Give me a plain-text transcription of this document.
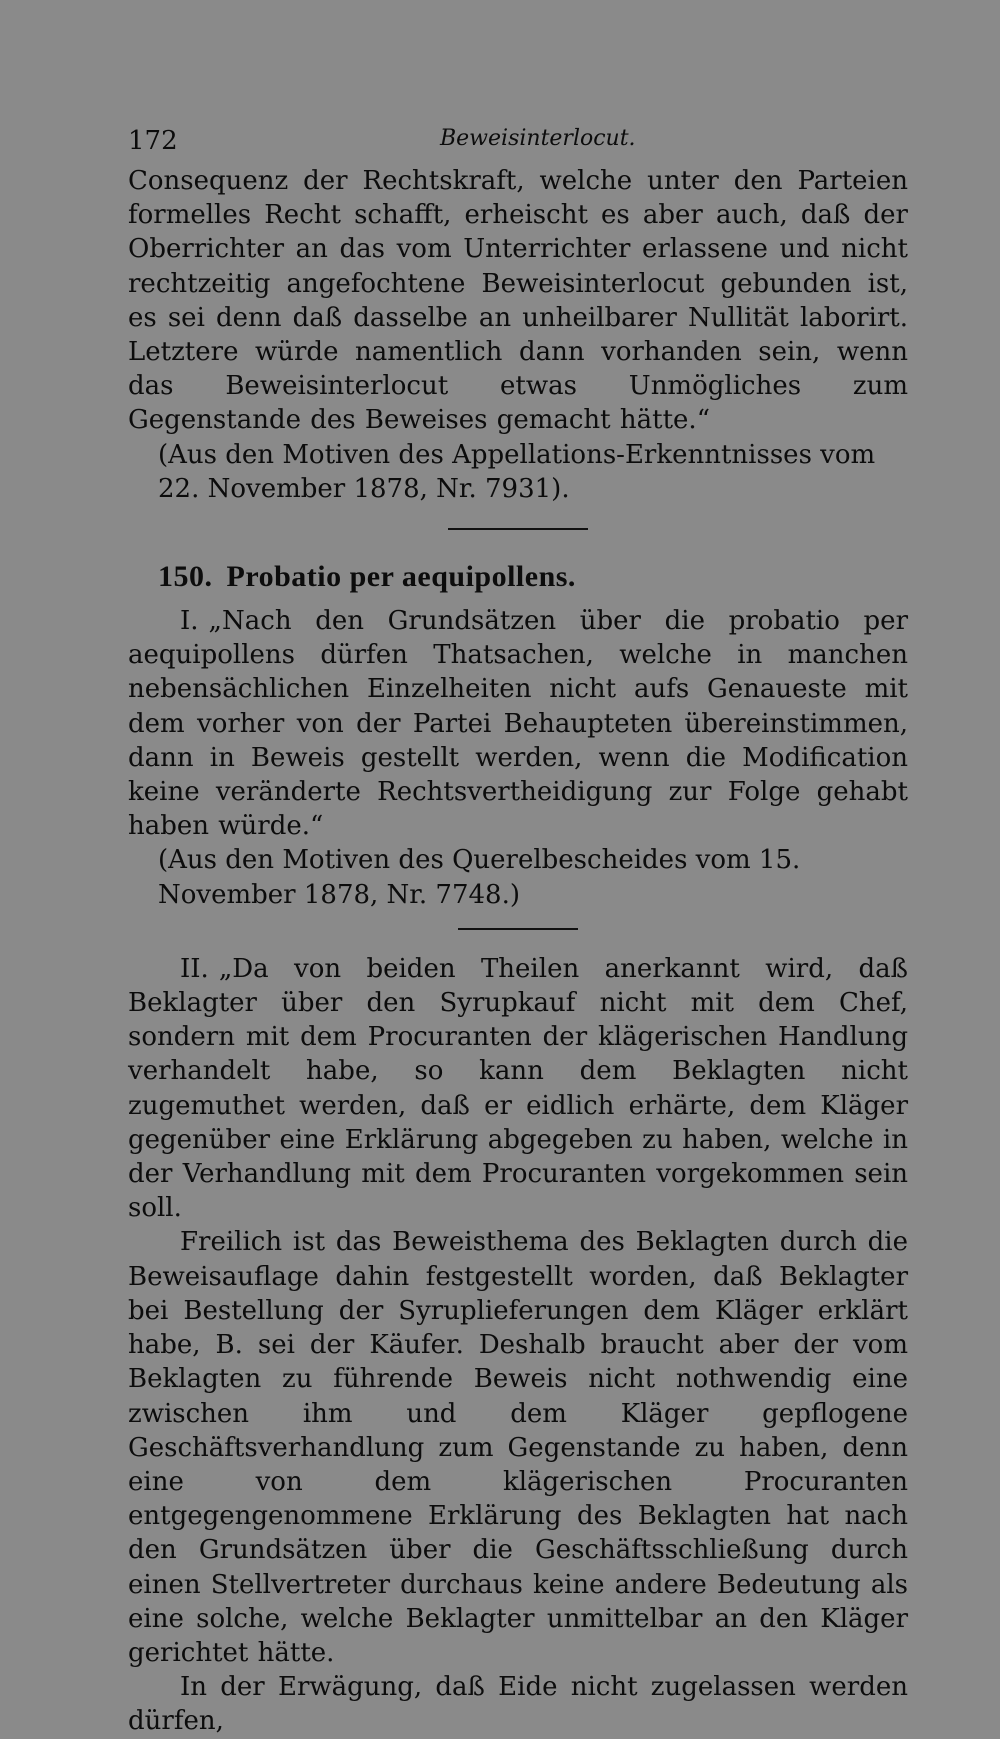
172	Beweisinterlocut.

Consequenz der Rechtskraft, welche unter den Parteien formelles Recht schafft, erheischt es aber auch, daß der Oberrichter an das vom Unterrichter erlassene und nicht rechtzeitig angefochtene Beweisinterlocut gebunden ist, es sei denn daß dasselbe an unheilbarer Nullität laborirt. Letztere würde namentlich dann vorhanden sein, wenn das Beweisinterlocut etwas Unmögliches zum Gegenstande des Beweises gemacht hätte.“

(Aus den Motiven des Appellations-Erkenntnisses vom 22. November 1878, Nr. 7931).

150. Probatio per aequipollens.

I. „Nach den Grundsätzen über die probatio per aequipollens dürfen Thatsachen, welche in manchen nebensächlichen Einzelheiten nicht aufs Genaueste mit dem vorher von der Partei Behaupteten übereinstimmen, dann in Beweis gestellt werden, wenn die Modification keine veränderte Rechtsvertheidigung zur Folge gehabt haben würde.“

(Aus den Motiven des Querelbescheides vom 15. November 1878, Nr. 7748.)

II. „Da von beiden Theilen anerkannt wird, daß Beklagter über den Syrupkauf nicht mit dem Chef, sondern mit dem Procuranten der klägerischen Handlung verhandelt habe, so kann dem Beklagten nicht zugemuthet werden, daß er eidlich erhärte, dem Kläger gegenüber eine Erklärung abgegeben zu haben, welche in der Verhandlung mit dem Procuranten vorgekommen sein soll.

Freilich ist das Beweisthema des Beklagten durch die Beweisauflage dahin festgestellt worden, daß Beklagter bei Bestellung der Syruplieferungen dem Kläger erklärt habe, B. sei der Käufer. Deshalb braucht aber der vom Beklagten zu führende Beweis nicht nothwendig eine zwischen ihm und dem Kläger gepflogene Geschäftsverhandlung zum Gegenstande zu haben, denn eine von dem klägerischen Procuranten entgegengenommene Erklärung des Beklagten hat nach den Grundsätzen über die Geschäftsschließung durch einen Stellvertreter durchaus keine andere Bedeutung als eine solche, welche Beklagter unmittelbar an den Kläger gerichtet hätte.

In der Erwägung, daß Eide nicht zugelassen werden dürfen,
